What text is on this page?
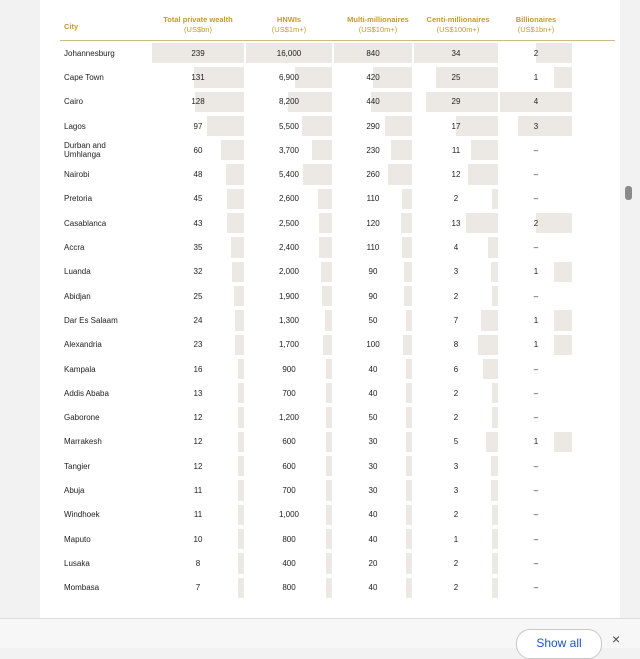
City
Total private wealth
(US$bn)
HNWIs
(US$1m+)
Multi-millionaires
(US$10m+)
Centi-millionaires
(US$100m+)
Billionaires
(US$1bn+)
Johannesburg	239	16,000	840	34	2
Cape Town	131	6,900	420	25	1
Cairo	128	8,200	440	29	4
Lagos	97	5,500	290	17	3
Durban and Umhlanga	60	3,700	230	11	–
Nairobi	48	5,400	260	12	–
Pretoria	45	2,600	110	2	–
Casablanca	43	2,500	120	13	2
Accra	35	2,400	110	4	–
Luanda	32	2,000	90	3	1
Abidjan	25	1,900	90	2	–
Dar Es Salaam	24	1,300	50	7	1
Alexandria	23	1,700	100	8	1
Kampala	16	900	40	6	–
Addis Ababa	13	700	40	2	–
Gaborone	12	1,200	50	2	–
Marrakesh	12	600	30	5	1
Tangier	12	600	30	3	–
Abuja	11	700	30	3	–
Windhoek	11	1,000	40	2	–
Maputo	10	800	40	1	–
Lusaka	8	400	20	2	–
Mombasa	7	800	40	2	–
Show all	×
